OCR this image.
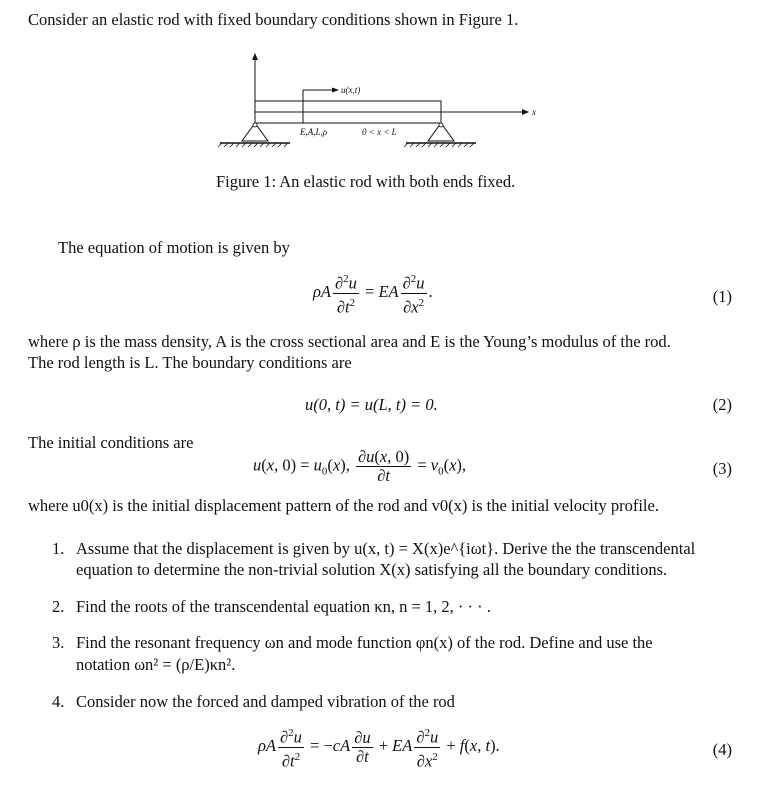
Consider an elastic rod with fixed boundary conditions shown in Figure 1.
u(x,t)
x
E,A,L,ρ	0 < x < L
Figure 1: An elastic rod with both ends fixed.
The equation of motion is given by
ρA $\frac{\partial^2u}{\partial t^2}$ = EA $\frac{\partial^2u}{\partial x^2}$ .	(1)
where ρ is the mass density, A is the cross sectional area and E is the Young’s modulus of the rod.
The rod length is L. The boundary conditions are
u(0, t) = u(L, t) = 0.	(2)
The initial conditions are
u(x, $0) = u_0(x)$, $\frac{\partial u(x, 0)}{\partial t} = v_0(x)$,	(3)
where u0(x) is the initial displacement pattern of the rod and v0(x) is the initial velocity profile.
1. Assume that the displacement is given by u(x, t) = X(x)e^{iωt}. Derive the the transcendental
equation to determine the non-trivial solution X(x) satisfying all the boundary conditions.
2. Find the roots of the transcendental equation κn, n = 1, 2, · · · .
3. Find the resonant frequency ωn and mode function φn(x) of the rod. Define and use the
notation ωn² = (ρ/E)κn².
4. Consider now the forced and damped vibration of the rod
ρA $\frac{\partial^2u}{\partial t^2} = -cA \frac{\partial u}{\partial t}$ + EA $\frac{\partial^2u}{\partial x^2} + f(x$, t).	(4)
